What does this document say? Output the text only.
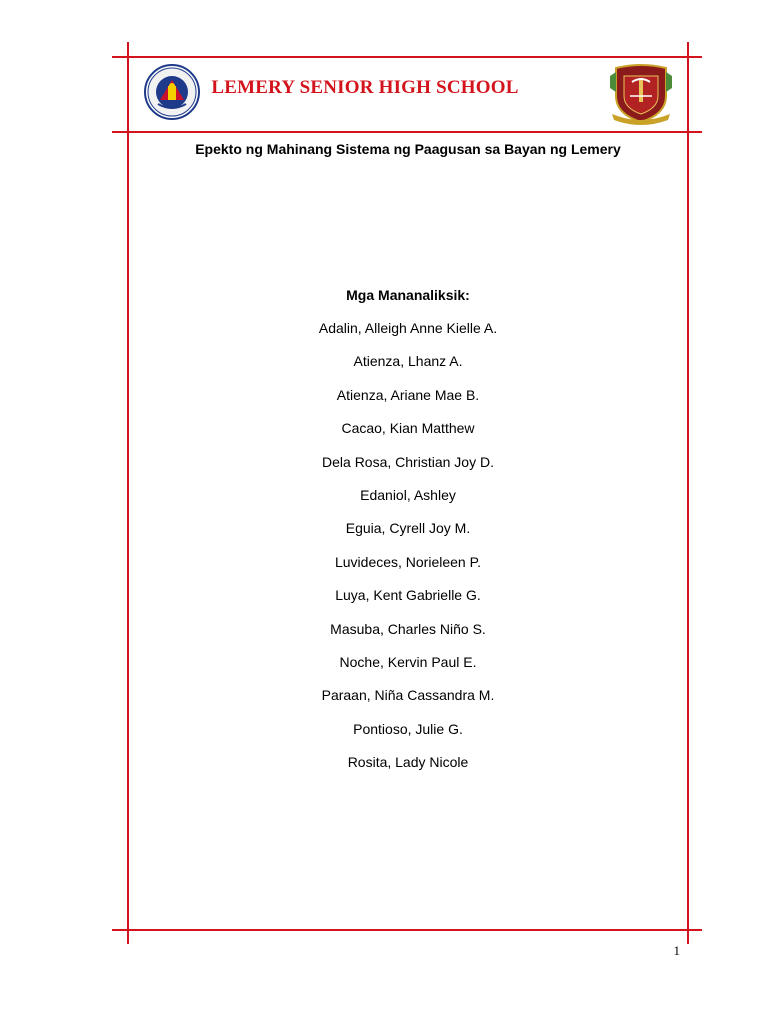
LEMERY SENIOR HIGH SCHOOL
Epekto ng Mahinang Sistema ng Paagusan sa Bayan ng Lemery
Mga Mananaliksik:
Adalin, Alleigh Anne Kielle A.
Atienza, Lhanz A.
Atienza, Ariane Mae B.
Cacao, Kian Matthew
Dela Rosa, Christian Joy D.
Edaniol, Ashley
Eguia, Cyrell Joy M.
Luvideces, Norieleen P.
Luya, Kent Gabrielle G.
Masuba, Charles Niño S.
Noche, Kervin Paul E.
Paraan, Niña Cassandra M.
Pontioso, Julie G.
Rosita, Lady Nicole
1
